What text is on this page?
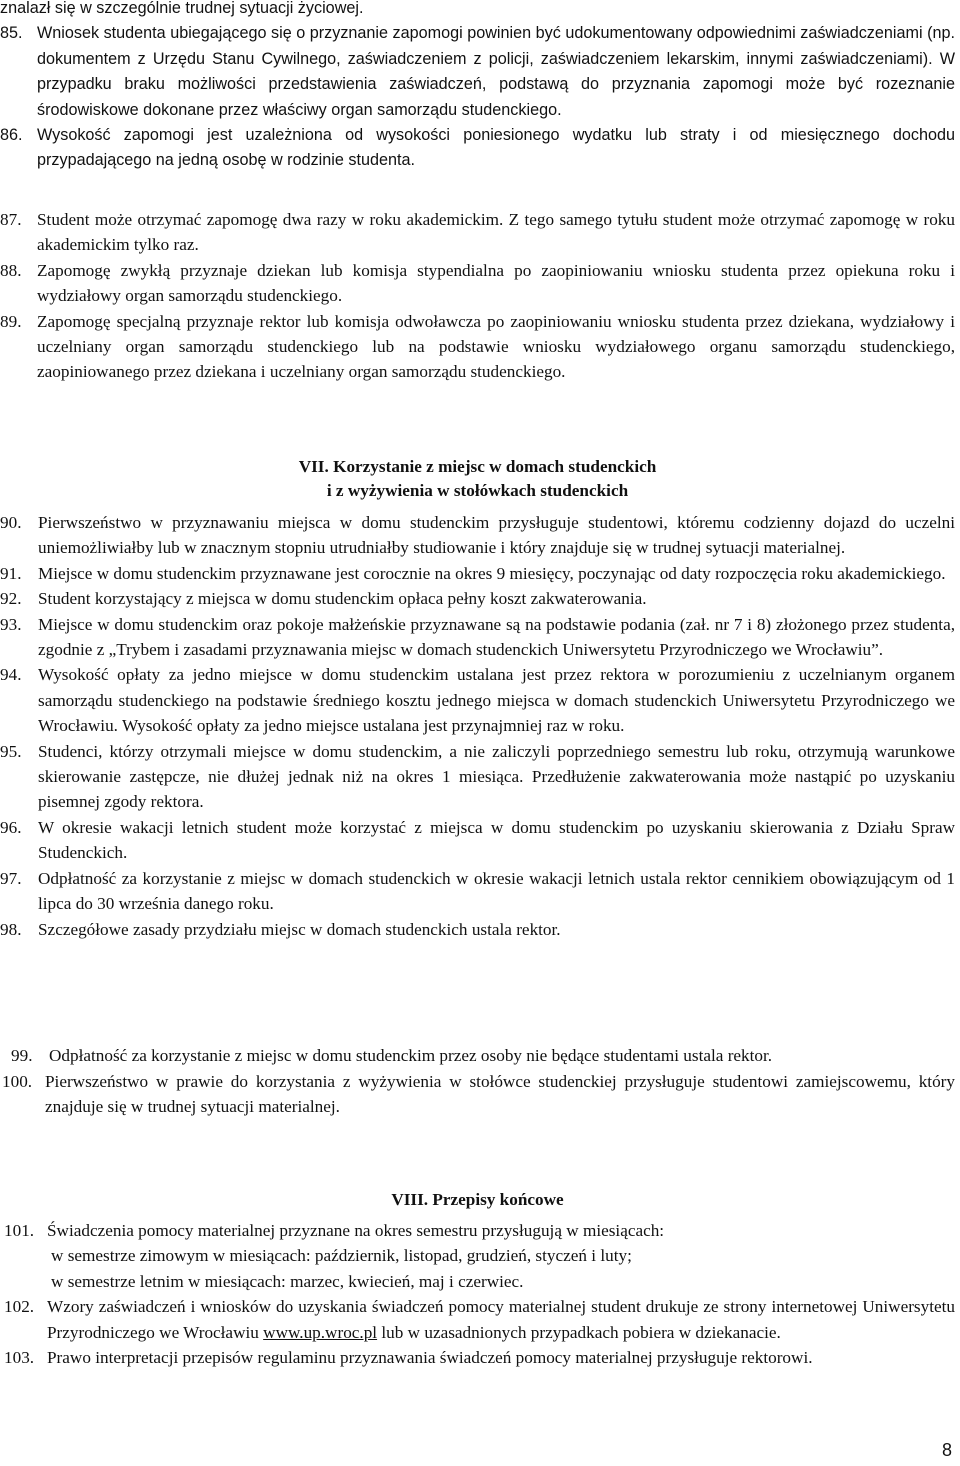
znalazł się w szczególnie trudnej sytuacji życiowej.

85. Wniosek studenta ubiegającego się o przyznanie zapomogi powinien być udokumentowany odpowiednimi zaświadczeniami (np. dokumentem z Urzędu Stanu Cywilnego, zaświadczeniem z policji, zaświadczeniem lekarskim, innymi zaświadczeniami). W przypadku braku możliwości przedstawienia zaświadczeń, podstawą do przyznania zapomogi może być rozeznanie środowiskowe dokonane przez właściwy organ samorządu studenckiego.
86. Wysokość zapomogi jest uzależniona od wysokości poniesionego wydatku lub straty i od miesięcznego dochodu przypadającego na jedną osobę w rodzinie studenta.
87. Student może otrzymać zapomogę dwa razy w roku akademickim. Z tego samego tytułu student może otrzymać zapomogę w roku akademickim tylko raz.
88. Zapomogę zwykłą przyznaje dziekan lub komisja stypendialna po zaopiniowaniu wniosku studenta przez opiekuna roku i wydziałowy organ samorządu studenckiego.
89. Zapomogę specjalną przyznaje rektor lub komisja odwoławcza po zaopiniowaniu wniosku studenta przez dziekana, wydziałowy i uczelniany organ samorządu studenckiego lub na podstawie wniosku wydziałowego organu samorządu studenckiego, zaopiniowanego przez dziekana i uczelniany organ samorządu studenckiego.
VII. Korzystanie z miejsc w domach studenckich
i z wyżywienia w stołówkach studenckich
90. Pierwszeństwo w przyznawaniu miejsca w domu studenckim przysługuje studentowi, któremu codzienny dojazd do uczelni uniemożliwiałby lub w znacznym stopniu utrudniałby studiowanie i który znajduje się w trudnej sytuacji materialnej.
91. Miejsce w domu studenckim przyznawane jest corocznie na okres 9 miesięcy, poczynając od daty rozpoczęcia roku akademickiego.
92. Student korzystający z miejsca w domu studenckim opłaca pełny koszt zakwaterowania.
93. Miejsce w domu studenckim oraz pokoje małżeńskie przyznawane są na podstawie podania (zał. nr 7 i 8) złożonego przez studenta, zgodnie z „Trybem i zasadami przyznawania miejsc w domach studenckich Uniwersytetu Przyrodniczego we Wrocławiu”.
94. Wysokość opłaty za jedno miejsce w domu studenckim ustalana jest przez rektora w porozumieniu z uczelnianym organem samorządu studenckiego na podstawie średniego kosztu jednego miejsca w domach studenckich Uniwersytetu Przyrodniczego we Wrocławiu. Wysokość opłaty za jedno miejsce ustalana jest przynajmniej raz w roku.
95. Studenci, którzy otrzymali miejsce w domu studenckim, a nie zaliczyli poprzedniego semestru lub roku, otrzymują warunkowe skierowanie zastępcze, nie dłużej jednak niż na okres 1 miesiąca. Przedłużenie zakwaterowania może nastąpić po uzyskaniu pisemnej zgody rektora.
96. W okresie wakacji letnich student może korzystać z miejsca w domu studenckim po uzyskaniu skierowania z Działu Spraw Studenckich.
97. Odpłatność za korzystanie z miejsc w domach studenckich w okresie wakacji letnich ustala rektor cennikiem obowiązującym od 1 lipca do 30 września danego roku.
98. Szczegółowe zasady przydziału miejsc w domach studenckich ustala rektor.
99. Odpłatność za korzystanie z miejsc w domu studenckim przez osoby nie będące studentami ustala rektor.
100. Pierwszeństwo w prawie do korzystania z wyżywienia w stołówce studenckiej przysługuje studentowi zamiejscowemu, który znajduje się w trudnej sytuacji materialnej.
VIII. Przepisy końcowe
101. Świadczenia pomocy materialnej przyznane na okres semestru przysługują w miesiącach:
w semestrze zimowym w miesiącach: październik, listopad, grudzień, styczeń i luty;
w semestrze letnim w miesiącach: marzec, kwiecień, maj i czerwiec.
102. Wzory zaświadczeń i wniosków do uzyskania świadczeń pomocy materialnej student drukuje ze strony internetowej Uniwersytetu Przyrodniczego we Wrocławiu www.up.wroc.pl lub w uzasadnionych przypadkach pobiera w dziekanacie.
103. Prawo interpretacji przepisów regulaminu przyznawania świadczeń pomocy materialnej przysługuje rektorowi.
8
